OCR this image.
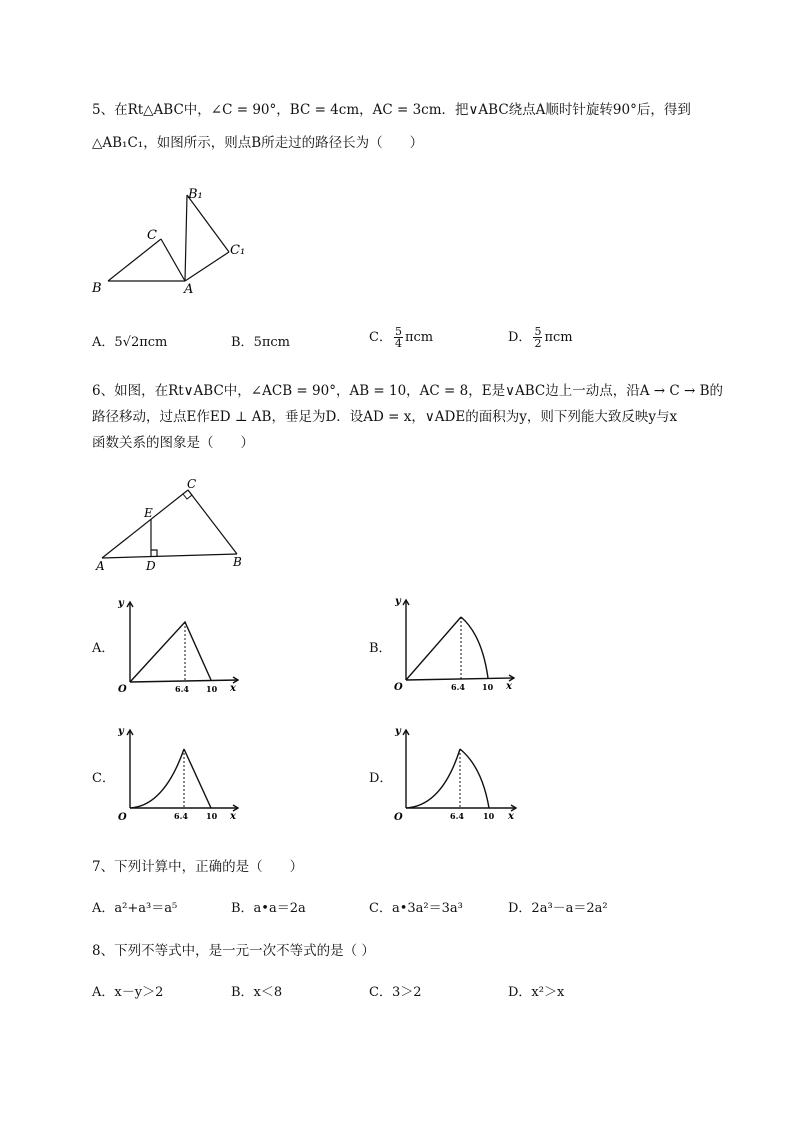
5、在Rt△ABC中，∠C = 90°，BC = 4cm，AC = 3cm．把∨ABC绕点A顺时针旋转90°后，得到
△AB₁C₁，如图所示，则点B所走过的路径长为（　　）
B₁
C
C₁
B	A
A．5√2πcm	B．5πcm	C． $\frac{5}{4}$ πcm	D． $\frac{5}{2}$ πcm
6、如图，在Rt∨ABC中，∠ACB = 90°，AB = 10，AC = 8，E是∨ABC边上一动点，沿A → C → B的
路径移动，过点E作ED ⊥ AB，垂足为D．设AD = x，∨ADE的面积为y，则下列能大致反映y与x
函数关系的图象是（　　）
C
E
A	D	B
A．	B．
C．	D．
y
O	6.4 10 x
y
O	6.4 10 x
y
O	6.4 10 x
y
O	6.4 10 x
7、下列计算中，正确的是（　　）
A．a²+a³＝a⁵	B．a•a＝2a	C．a•3a²＝3a³	D．2a³－a＝2a²
8、下列不等式中，是一元一次不等式的是（ ）
A．x－y＞2	B．x＜8	C．3＞2	D．x²＞x
